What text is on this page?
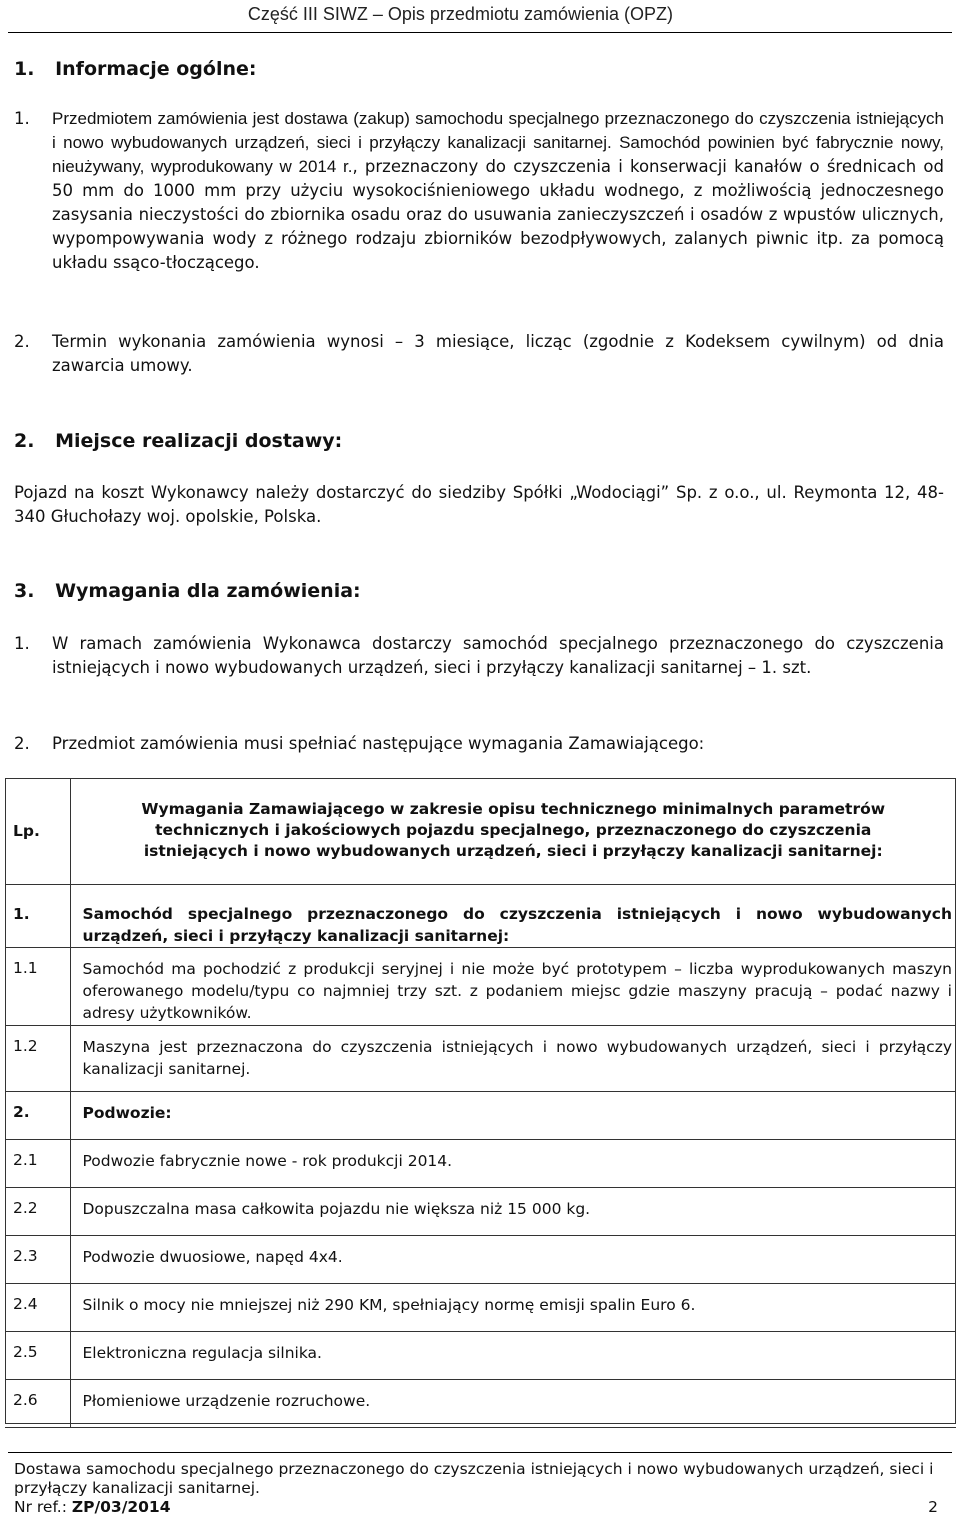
Część III SIWZ – Opis przedmiotu zamówienia (OPZ)
1. Informacje ogólne:
1.	Przedmiotem zamówienia jest dostawa (zakup) samochodu specjalnego przeznaczonego do czyszczenia istniejących i nowo wybudowanych urządzeń, sieci i przyłączy kanalizacji sanitarnej. Samochód powinien być fabrycznie nowy, nieużywany, wyprodukowany w 2014 r., przeznaczony do czyszczenia i konserwacji kanałów o średnicach od 50 mm do 1000 mm przy użyciu wysokociśnieniowego układu wodnego, z możliwością jednoczesnego zasysania nieczystości do zbiornika osadu oraz do usuwania zanieczyszczeń i osadów z wpustów ulicznych, wypompowywania wody z różnego rodzaju zbiorników bezodpływowych, zalanych piwnic itp. za pomocą układu ssąco-tłoczącego.
2.	Termin wykonania zamówienia wynosi – 3 miesiące, licząc (zgodnie z Kodeksem cywilnym) od dnia zawarcia umowy.
2. Miejsce realizacji dostawy:
Pojazd na koszt Wykonawcy należy dostarczyć do siedziby Spółki „Wodociągi” Sp. z o.o., ul. Reymonta 12, 48-340 Głuchołazy woj. opolskie, Polska.
3. Wymagania dla zamówienia:
1.	W ramach zamówienia Wykonawca dostarczy samochód specjalnego przeznaczonego do czyszczenia istniejących i nowo wybudowanych urządzeń, sieci i przyłączy kanalizacji sanitarnej – 1. szt.
2.	Przedmiot zamówienia musi spełniać następujące wymagania Zamawiającego:
Lp.	Wymagania Zamawiającego w zakresie opisu technicznego minimalnych parametrów technicznych i jakościowych pojazdu specjalnego, przeznaczonego do czyszczenia istniejących i nowo wybudowanych urządzeń, sieci i przyłączy kanalizacji sanitarnej:
1.	Samochód specjalnego przeznaczonego do czyszczenia istniejących i nowo wybudowanych urządzeń, sieci i przyłączy kanalizacji sanitarnej:
1.1	Samochód ma pochodzić z produkcji seryjnej i nie może być prototypem – liczba wyprodukowanych maszyn oferowanego modelu/typu co najmniej trzy szt. z podaniem miejsc gdzie maszyny pracują – podać nazwy i adresy użytkowników.
1.2	Maszyna jest przeznaczona do czyszczenia istniejących i nowo wybudowanych urządzeń, sieci i przyłączy kanalizacji sanitarnej.
2.	Podwozie:
2.1	Podwozie fabrycznie nowe - rok produkcji 2014.
2.2	Dopuszczalna masa całkowita pojazdu nie większa niż 15 000 kg.
2.3	Podwozie dwuosiowe, napęd 4x4.
2.4	Silnik o mocy nie mniejszej niż 290 KM, spełniający normę emisji spalin Euro 6.
2.5	Elektroniczna regulacja silnika.
2.6	Płomieniowe urządzenie rozruchowe.
Dostawa samochodu specjalnego przeznaczonego do czyszczenia istniejących i nowo wybudowanych urządzeń, sieci i
przyłączy kanalizacji sanitarnej.
Nr ref.: ZP/03/2014	2
